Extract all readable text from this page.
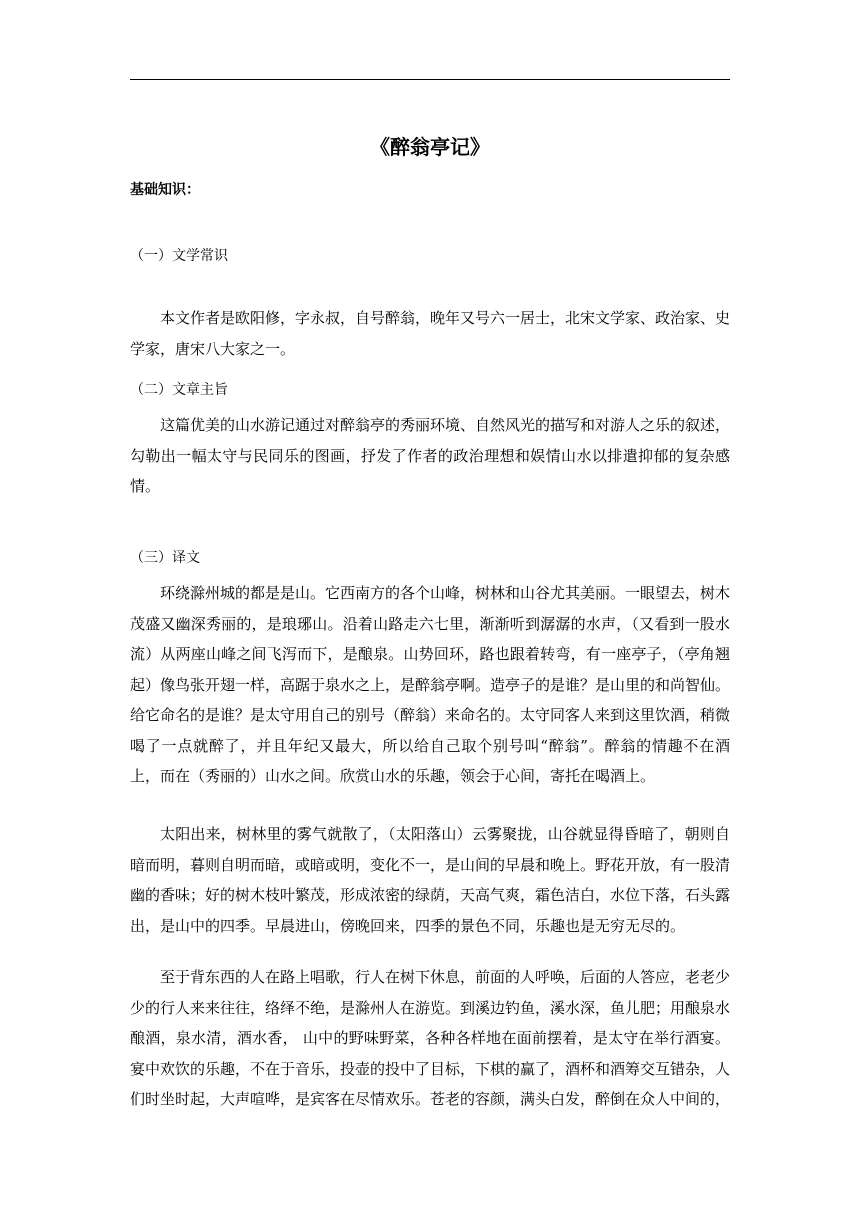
《醉翁亭记》
基础知识：
（一）文学常识

本文作者是欧阳修，字永叔，自号醉翁，晚年又号六一居士，北宋文学家、政治家、史学家，唐宋八大家之一。

（二）文章主旨

这篇优美的山水游记通过对醉翁亭的秀丽环境、自然风光的描写和对游人之乐的叙述，勾勒出一幅太守与民同乐的图画，抒发了作者的政治理想和娱情山水以排遣抑郁的复杂感情。

（三）译文

环绕滁州城的都是是山。它西南方的各个山峰，树林和山谷尤其美丽。一眼望去，树木茂盛又幽深秀丽的，是琅琊山。沿着山路走六七里，渐渐听到潺潺的水声，（又看到一股水流）从两座山峰之间飞泻而下，是酿泉。山势回环，路也跟着转弯，有一座亭子，（亭角翘起）像鸟张开翅一样，高踞于泉水之上，是醉翁亭啊。造亭子的是谁？是山里的和尚智仙。给它命名的是谁？是太守用自己的别号（醉翁）来命名的。太守同客人来到这里饮酒，稍微喝了一点就醉了，并且年纪又最大，所以给自己取个别号叫“醉翁”。醉翁的情趣不在酒上，而在（秀丽的）山水之间。欣赏山水的乐趣，领会于心间，寄托在喝酒上。

太阳出来，树林里的雾气就散了，（太阳落山）云雾聚拢，山谷就显得昏暗了，朝则自暗而明，暮则自明而暗，或暗或明，变化不一，是山间的早晨和晚上。野花开放，有一股清幽的香味；好的树木枝叶繁茂，形成浓密的绿荫，天高气爽，霜色洁白，水位下落，石头露出，是山中的四季。早晨进山，傍晚回来，四季的景色不同，乐趣也是无穷无尽的。

至于背东西的人在路上唱歌，行人在树下休息，前面的人呼唤，后面的人答应，老老少少的行人来来往往，络绎不绝，是滁州人在游览。到溪边钓鱼，溪水深，鱼儿肥；用酿泉水酿酒，泉水清，酒水香， 山中的野味野菜，各种各样地在面前摆着，是太守在举行酒宴。宴中欢饮的乐趣，不在于音乐，投壶的投中了目标，下棋的赢了，酒杯和酒筹交互错杂，人们时坐时起，大声喧哗，是宾客在尽情欢乐。苍老的容颜，满头白发，醉倒在众人中间的，
